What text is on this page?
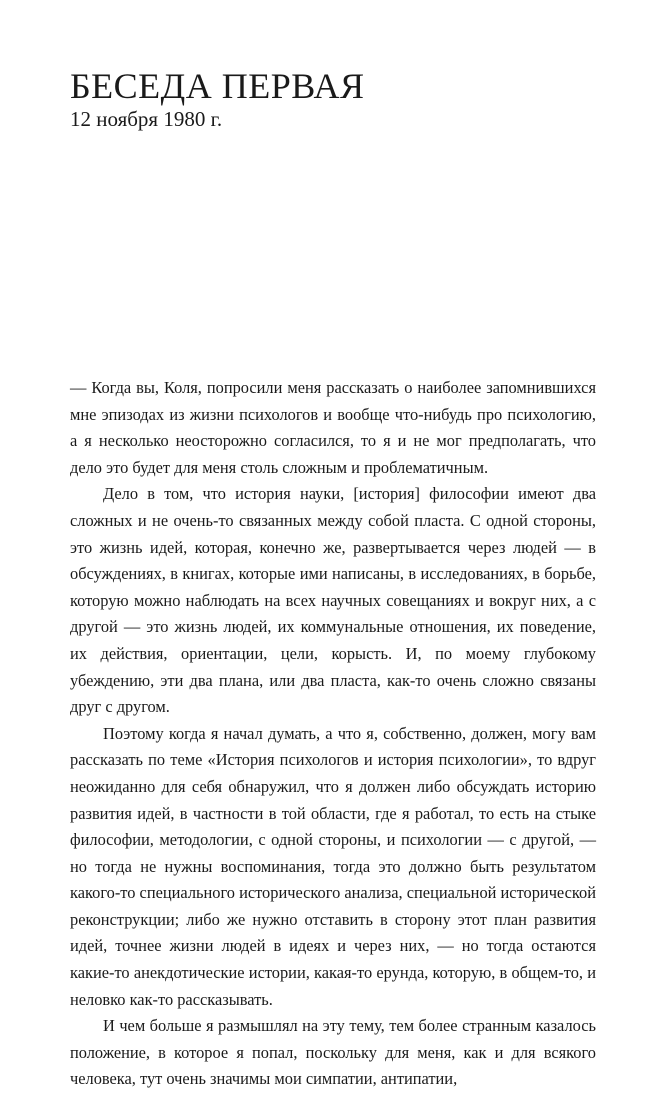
БЕСЕДА ПЕРВАЯ

12 ноября 1980 г.

— Когда вы, Коля, попросили меня рассказать о наиболее запомнившихся мне эпизодах из жизни психологов и вообще что-нибудь про психологию, а я несколько неосторожно согласился, то я и не мог предполагать, что дело это будет для меня столь сложным и проблематичным.

Дело в том, что история науки, [история] философии имеют два сложных и не очень-то связанных между собой пласта. С одной стороны, это жизнь идей, которая, конечно же, развертывается через людей — в обсуждениях, в книгах, которые ими написаны, в исследованиях, в борьбе, которую можно наблюдать на всех научных совещаниях и вокруг них, а с другой — это жизнь людей, их коммунальные отношения, их поведение, их действия, ориентации, цели, корысть. И, по моему глубокому убеждению, эти два плана, или два пласта, как-то очень сложно связаны друг с другом.

Поэтому когда я начал думать, а что я, собственно, должен, могу вам рассказать по теме «История психологов и история психологии», то вдруг неожиданно для себя обнаружил, что я должен либо обсуждать историю развития идей, в частности в той области, где я работал, то есть на стыке философии, методологии, с одной стороны, и психологии — с другой, — но тогда не нужны воспоминания, тогда это должно быть результатом какого-то специального исторического анализа, специальной исторической реконструкции; либо же нужно отставить в сторону этот план развития идей, точнее жизни людей в идеях и через них, — но тогда остаются какие-то анекдотические истории, какая-то ерунда, которую, в общем-то, и неловко как-то рассказывать.

И чем больше я размышлял на эту тему, тем более странным казалось положение, в которое я попал, поскольку для меня, как и для всякого человека, тут очень значимы мои симпатии, антипатии,
